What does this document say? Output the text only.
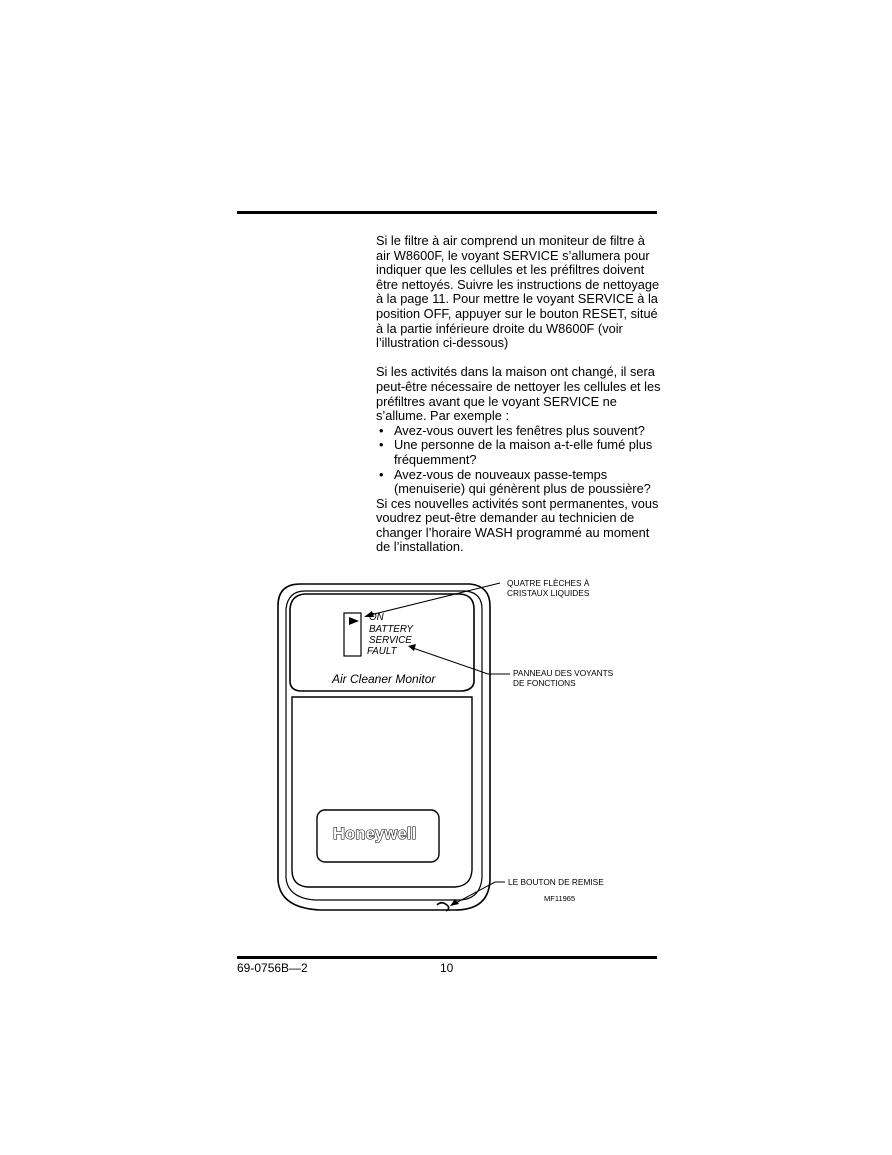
Si le filtre à air comprend un moniteur de filtre à air W8600F, le voyant SERVICE s’allumera pour indiquer que les cellules et les préfiltres doivent être nettoyés. Suivre les instructions de nettoyage à la page 11. Pour mettre le voyant SERVICE à la position OFF, appuyer sur le bouton RESET, situé à la partie inférieure droite du W8600F (voir l’illustration ci-dessous)

Si les activités dans la maison ont changé, il sera peut-être nécessaire de nettoyer les cellules et les préfiltres avant que le voyant SERVICE ne s’allume. Par exemple :

• Avez-vous ouvert les fenêtres plus souvent?
• Une personne de la maison a-t-elle fumé plus fréquemment?
• Avez-vous de nouveaux passe-temps (menuiserie) qui génèrent plus de poussière?

Si ces nouvelles activités sont permanentes, vous voudrez peut-être demander au technicien de changer l’horaire WASH programmé au moment de l’installation.

ON
BATTERY
SERVICE
FAULT
Air Cleaner Monitor
Honeywell
QUATRE FLÈCHES À
CRISTAUX LIQUIDES
PANNEAU DES VOYANTS
DE FONCTIONS
LE BOUTON DE REMISE
MF11965
69-0756B—2	10
